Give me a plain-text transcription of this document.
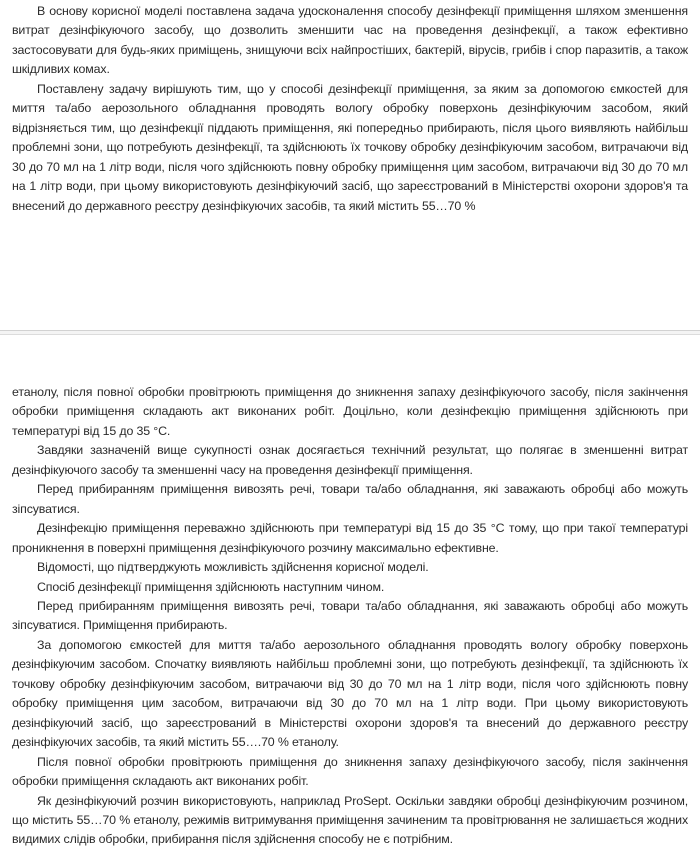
В основу корисної моделі поставлена задача удосконалення способу дезінфекції приміщення шляхом зменшення витрат дезінфікуючого засобу, що дозволить зменшити час на проведення дезінфекції, а також ефективно застосовувати для будь-яких приміщень, знищуючи всіх найпростіших, бактерій, вірусів, грибів і спор паразитів, а також шкідливих комах.

Поставлену задачу вирішують тим, що у способі дезінфекції приміщення, за яким за допомогою ємкостей для миття та/або аерозольного обладнання проводять вологу обробку поверхонь дезінфікуючим засобом, який відрізняється тим, що дезінфекції піддають приміщення, які попередньо прибирають, після цього виявляють найбільш проблемні зони, що потребують дезінфекції, та здійснюють їх точкову обробку дезінфікуючим засобом, витрачаючи від 30 до 70 мл на 1 літр води, після чого здійснюють повну обробку приміщення цим засобом, витрачаючи від 30 до 70 мл на 1 літр води, при цьому використовують дезінфікуючий засіб, що зареєстрований в Міністерстві охорони здоров'я та внесений до державного реєстру дезінфікуючих засобів, та який містить 55…70 %

етанолу, після повної обробки провітрюють приміщення до зникнення запаху дезінфікуючого засобу, після закінчення обробки приміщення складають акт виконаних робіт. Доцільно, коли дезінфекцію приміщення здійснюють при температурі від 15 до 35 °С.

Завдяки зазначеній вище сукупності ознак досягається технічний результат, що полягає в зменшенні витрат дезінфікуючого засобу та зменшенні часу на проведення дезінфекції приміщення.

Перед прибиранням приміщення вивозять речі, товари та/або обладнання, які заважають обробці або можуть зіпсуватися.

Дезінфекцію приміщення переважно здійснюють при температурі від 15 до 35 °С тому, що при такої температурі проникнення в поверхні приміщення дезінфікуючого розчину максимально ефективне.

Відомості, що підтверджують можливість здійснення корисної моделі.

Спосіб дезінфекції приміщення здійснюють наступним чином.

Перед прибиранням приміщення вивозять речі, товари та/або обладнання, які заважають обробці або можуть зіпсуватися. Приміщення прибирають.

За допомогою ємкостей для миття та/або аерозольного обладнання проводять вологу обробку поверхонь дезінфікуючим засобом. Спочатку виявляють найбільш проблемні зони, що потребують дезінфекції, та здійснюють їх точкову обробку дезінфікуючим засобом, витрачаючи від 30 до 70 мл на 1 літр води, після чого здійснюють повну обробку приміщення цим засобом, витрачаючи від 30 до 70 мл на 1 літр води. При цьому використовують дезінфікуючий засіб, що зареєстрований в Міністерстві охорони здоров'я та внесений до державного реєстру дезінфікуючих засобів, та який містить 55….70 % етанолу.

Після повної обробки провітрюють приміщення до зникнення запаху дезінфікуючого засобу, після закінчення обробки приміщення складають акт виконаних робіт.

Як дезінфікуючий розчин використовують, наприклад ProSept. Оскільки завдяки обробці дезінфікуючим розчином, що містить 55…70 % етанолу, режимів витримування приміщення зачиненим та провітрювання не залишається жодних видимих слідів обробки, прибирання після здійснення способу не є потрібним.
